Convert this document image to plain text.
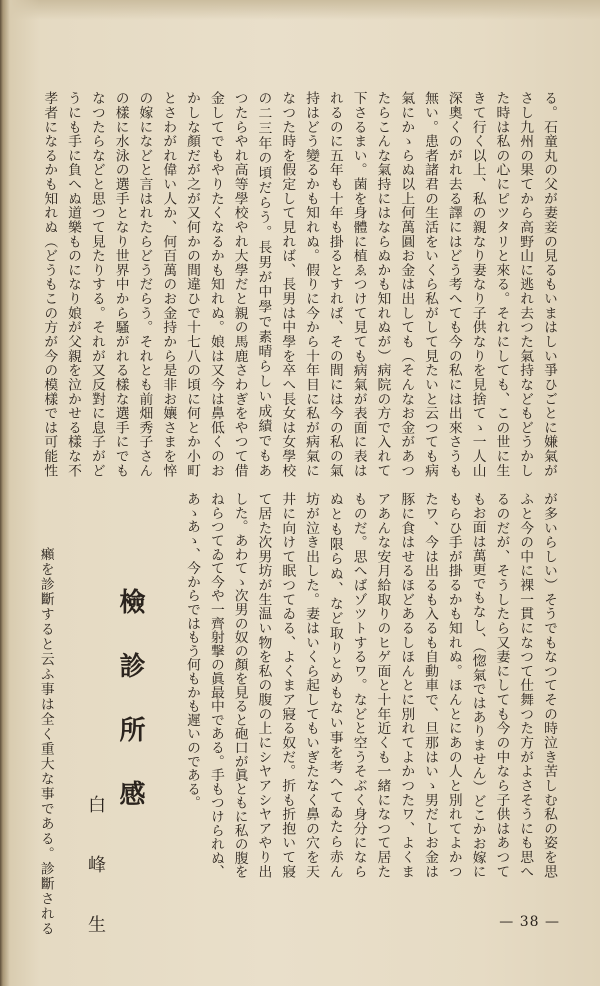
る。石童丸の父が妻妾の見るもいまはしい爭ひごとに嫌氣が
さし九州の果てから高野山に逃れ去つた氣持などもどうかし
た時は私の心にピツタリと來る。それにしても、この世に生
きて行く以上、私の親なり妻なり子供なりを見捨てゝ一人山
深奧くのがれ去る譯にはどう考へても今の私には出來さうも
無い。患者諸君の生活をいくら私がして見たいと云つても病
氣にかゝらぬ以上何萬圓お金は出しても（そんなお金があつ
たらこんな氣持にはならぬかも知れぬが）病院の方で入れて
下さるまい。菌を身體に植ゑつけて見ても病氣が表面に表は
れるのに五年も十年も掛るとすれば、その間には今の私の氣
持はどう變るかも知れぬ。假りに今から十年目に私が病氣に
なつた時を假定して見れば、長男は中學を卒へ長女は女學校
の二三年の頃だらう。長男が中學で素晴らしい成績でもあ
つたらやれ高等學校やれ大學だと親の馬鹿さわぎをやつて借
金してでもやりたくなるかも知れぬ。娘は又今は鼻低くのお
かしな顏だが之が又何かの間違ひで十七八の頃に何とか小町
とさわがれ偉い人か、何百萬のお金持から是非お孃さまを悴
の嫁になどと言はれたらどうだらう。それとも前畑秀子さん
の樣に水泳の選手となり世界中から騷がれる樣な選手にでも
なつたらなどと思つて見たりする。それが又反對に息子がど
うにも手に負へぬ道樂ものになり娘が父親を泣かせる樣な不
孝者になるかも知れぬ（どうもこの方が今の模樣では可能性
が多いらしい）そうでもなつてその時泣き苦しむ私の姿を思
ふと今の中に裸一貫になつて仕舞つた方がよさそうにも思へ
るのだが、そうしたら又妻にしても今の中なら子供はあつて
もお面は萬更でもなし、（惚氣ではありません）どこかお嫁に
もらひ手が掛るかも知れぬ。ほんとにあの人と別れてよかつ
たワ、今は出るも入るも自動車で、旦那はいゝ男だしお金は
豚に食はせるほどあるしほんとに別れてよかつたワ、よくま
アあんな安月給取りのヒゲ面と十年近くも一緒になつて居た
ものだ。思へばゾツトするワ。などと空うそぶく身分になら
ぬとも限らぬ、など取りとめもない事を考へてゐたら赤ん
坊が泣き出した。妻はいくら起してもいぎたなく鼻の穴を天
井に向けて眠つてゐる、よくまア寢る奴だ。折も折抱いて寢
て居た次男坊が生温い物を私の腹の上にシヤアシヤアやり出
した。あわてゝ次男の奴の顏を見ると砲口が眞ともに私の腹を
ねらつてゐて今や一齊射撃の眞最中である。手もつけられぬ、
あゝあゝ、今からではもう何もかも遲いのである。
檢診所感
白峰生
癩を診斷すると云ふ事は全く重大な事である。診斷される	— 38 —
